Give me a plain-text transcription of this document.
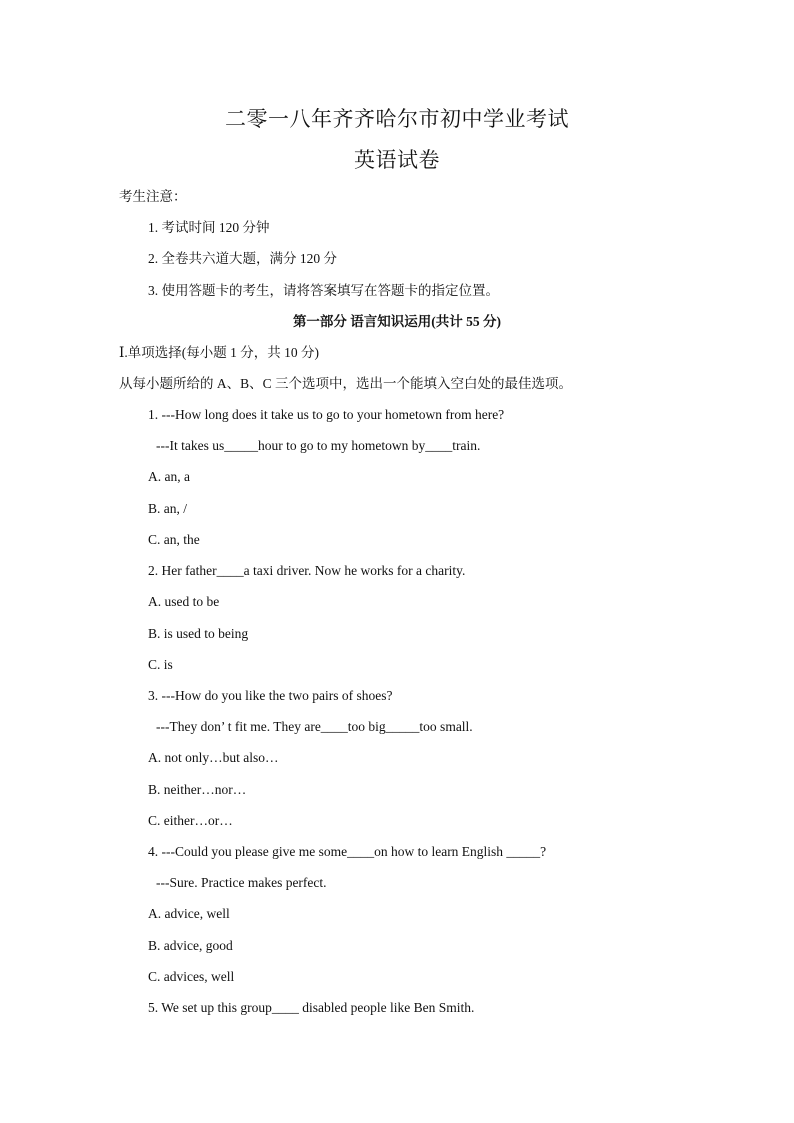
二零一八年齐齐哈尔市初中学业考试
英语试卷
考生注意：
1. 考试时间 120 分钟
2. 全卷共六道大题，满分 120 分
3. 使用答题卡的考生，请将答案填写在答题卡的指定位置。
第一部分 语言知识运用(共计 55 分)
Ⅰ.单项选择(每小题 1 分，共 10 分)
从每小题所给的 A、B、C 三个选项中，选出一个能填入空白处的最佳选项。
1. ---How long does it take us to go to your hometown from here?
---It takes us_____hour to go to my hometown by____train.
A. an, a
B. an, /
C. an, the
2. Her father____a taxi driver. Now he works for a charity.
A. used to be
B. is used to being
C. is
3. ---How do you like the two pairs of shoes?
---They don’ t fit me. They are____too big_____too small.
A. not only…but also…
B. neither…nor…
C. either…or…
4. ---Could you please give me some____on how to learn English _____?
---Sure. Practice makes perfect.
A. advice, well
B. advice, good
C. advices, well
5. We set up this group____ disabled people like Ben Smith.
